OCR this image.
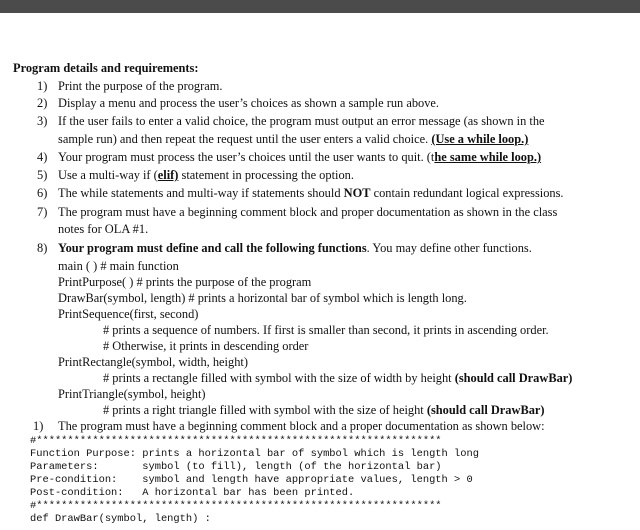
Program details and requirements:
1) Print the purpose of the program.
2) Display a menu and process the user’s choices as shown a sample run above.
3) If the user fails to enter a valid choice, the program must output an error message (as shown in the
sample run) and then repeat the request until the user enters a valid choice. (Use a while loop.)
4) Your program must process the user’s choices until the user wants to quit. (the same while loop.)
5) Use a multi-way if (elif) statement in processing the option.
6) The while statements and multi-way if statements should NOT contain redundant logical expressions.
7) The program must have a beginning comment block and proper documentation as shown in the class
notes for OLA #1.
8) Your program must define and call the following functions. You may define other functions.
main ( ) # main function
PrintPurpose( ) # prints the purpose of the program
DrawBar(symbol, length) # prints a horizontal bar of symbol which is length long.
PrintSequence(first, second)
# prints a sequence of numbers. If first is smaller than second, it prints in ascending order.
# Otherwise, it prints in descending order
PrintRectangle(symbol, width, height)
# prints a rectangle filled with symbol with the size of width by height (should call DrawBar)
PrintTriangle(symbol, height)
# prints a right triangle filled with symbol with the size of height (should call DrawBar)
1) The program must have a beginning comment block and a proper documentation as shown below:
#*****************************************************************
Function Purpose: prints a horizontal bar of symbol which is length long
Parameters:       symbol (to fill), length (of the horizontal bar)
Pre-condition:    symbol and length have appropriate values, length > 0
Post-condition:   A horizontal bar has been printed.
#*****************************************************************
def DrawBar(symbol, length) :
